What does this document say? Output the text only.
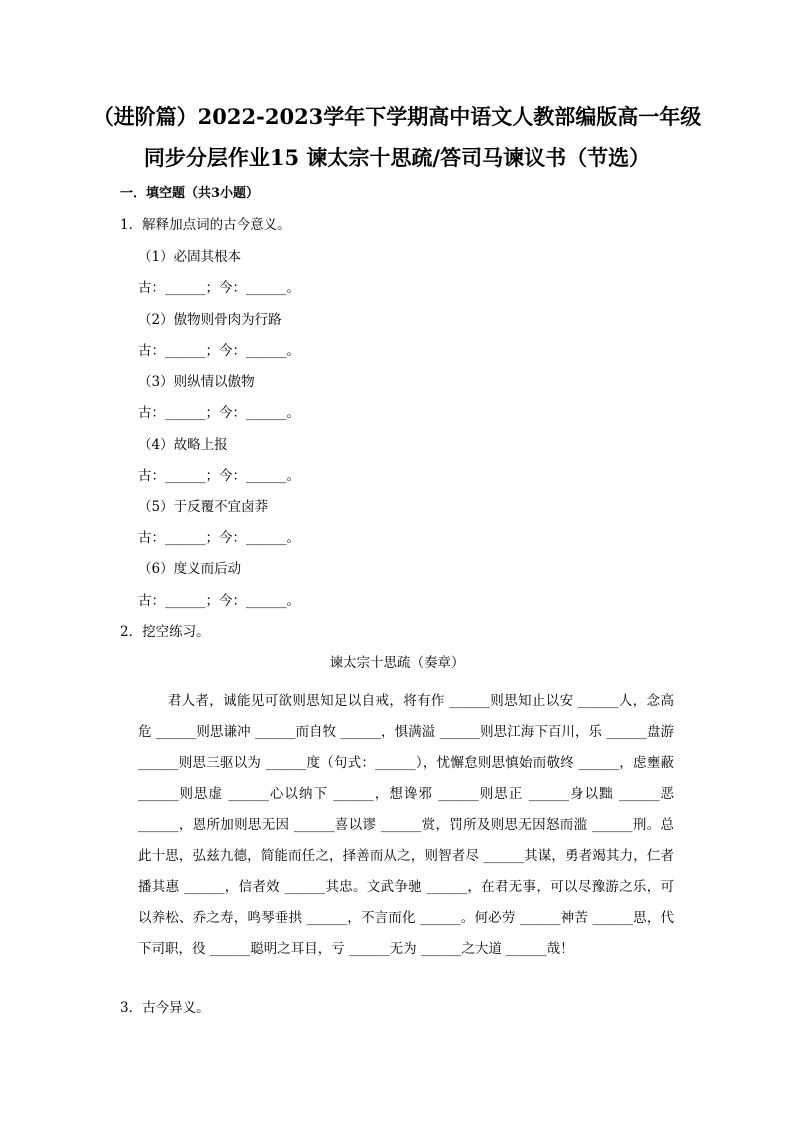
（进阶篇）2022-2023学年下学期高中语文人教部编版高一年级
同步分层作业15 谏太宗十思疏/答司马谏议书（节选）
一．填空题（共3小题）
1．解释加点词的古今意义。
（1）必固其根本
古：______；今：______。
（2）傲物则骨肉为行路
古：______；今：______。
（3）则纵情以傲物
古：______；今：______。
（4）故略上报
古：______；今：______。
（5）于反覆不宜卤莽
古：______；今：______。
（6）度义而后动
古：______；今：______。
2．挖空练习。
谏太宗十思疏（奏章）

君人者，诚能见可欲则思知足以自戒，将有作 ______则思知止以安 ______人，念高危 ______则思谦冲 ______而自牧 ______，惧满溢 ______则思江海下百川，乐 ______盘游 ______则思三驱以为 ______度（句式：______），忧懈怠则思慎始而敬终 ______，虑壅蔽 ______则思虚 ______心以纳下 ______，想谗邪 ______则思正 ______身以黜 ______恶 ______，恩所加则思无因 ______喜以谬 ______赏，罚所及则思无因怒而滥 ______刑。总此十思，弘兹九德，简能而任之，择善而从之，则智者尽 ______其谋，勇者竭其力，仁者播其惠 ______，信者效 ______其忠。文武争驰 ______，在君无事，可以尽豫游之乐，可以养松、乔之寿，鸣琴垂拱 ______，不言而化 ______。何必劳 ______神苦 ______思，代下司职，役 ______聪明之耳目，亏 ______无为 ______之大道 ______哉！

3．古今异义。
